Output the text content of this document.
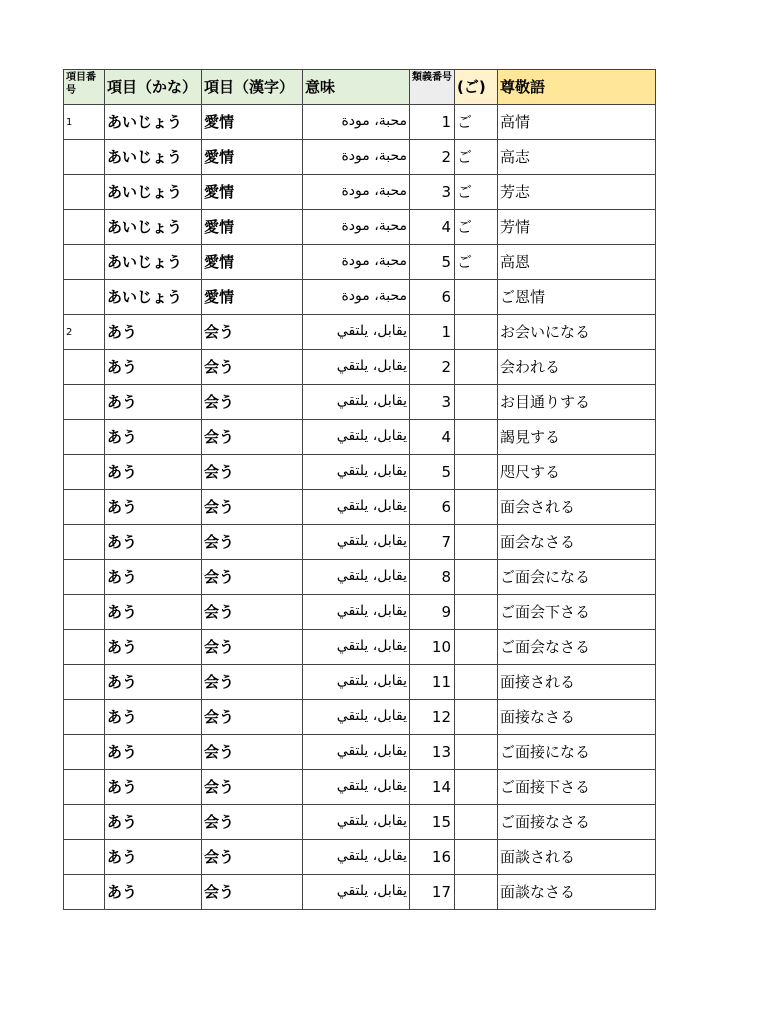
項目番号	項目（かな）	項目（漢字）	意味	類義番号	(ご)	尊敬語
1	あいじょう	愛情	محبة، مودة	1	ご	高情
	あいじょう	愛情	محبة، مودة	2	ご	高志
	あいじょう	愛情	محبة، مودة	3	ご	芳志
	あいじょう	愛情	محبة، مودة	4	ご	芳情
	あいじょう	愛情	محبة، مودة	5	ご	高恩
	あいじょう	愛情	محبة، مودة	6		ご恩情
2	あう	会う	يقابل، يلتقي	1		お会いになる
	あう	会う	يقابل، يلتقي	2		会われる
	あう	会う	يقابل، يلتقي	3		お目通りする
	あう	会う	يقابل، يلتقي	4		謁見する
	あう	会う	يقابل، يلتقي	5		咫尺する
	あう	会う	يقابل، يلتقي	6		面会される
	あう	会う	يقابل، يلتقي	7		面会なさる
	あう	会う	يقابل، يلتقي	8		ご面会になる
	あう	会う	يقابل، يلتقي	9		ご面会下さる
	あう	会う	يقابل، يلتقي	10		ご面会なさる
	あう	会う	يقابل، يلتقي	11		面接される
	あう	会う	يقابل، يلتقي	12		面接なさる
	あう	会う	يقابل، يلتقي	13		ご面接になる
	あう	会う	يقابل، يلتقي	14		ご面接下さる
	あう	会う	يقابل، يلتقي	15		ご面接なさる
	あう	会う	يقابل، يلتقي	16		面談される
	あう	会う	يقابل، يلتقي	17		面談なさる
